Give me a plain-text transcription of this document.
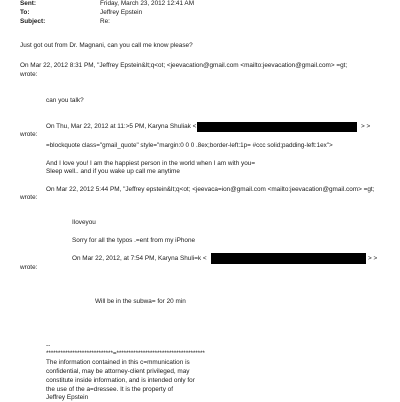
Sent:	Friday, March 23, 2012 12:41 AM
To:	Jeffrey Epstein
Subject:	Re:
Just got out from Dr. Magnani, can you call me know please?
On Mar 22, 2012 8:31 PM, "Jeffrey Epstein&lt;q<ot; <jeevacation@gmail.com <mailto:jeevacation@gmail.com> =gt;
wrote:
can you talk?
On Thu, Mar 22, 2012 at 11:>5 PM, Karyna Shuliak <	> >
wrote:
=blockquote class="gmail_quote" style="margin:0 0 0 .8ex;border-left:1p= #ccc solid;padding-left:1ex">
And I love you! I am the happiest person in the world when I am with you=
Sleep well.. and if you wake up call me anytime
On Mar 22, 2012 5:44 PM, "Jeffrey epstein&lt;q<ot; <jeevaca=ion@gmail.com <mailto:jeevacation@gmail.com> =gt;
wrote:
Iloveyou
Sorry for all the typos .=ent from my iPhone
On Mar 22, 2012, at 7:54 PM, Karyna Shuli=k <	> >
wrote:
Will be in the subwa= for 20 min
--
****************************=*************************************
The information contained in this c=mmunication is
confidential, may be attorney-client privileged, may
constitute inside information, and is intended only for
the use of the a=dressee. It is the property of
Jeffrey Epstein
